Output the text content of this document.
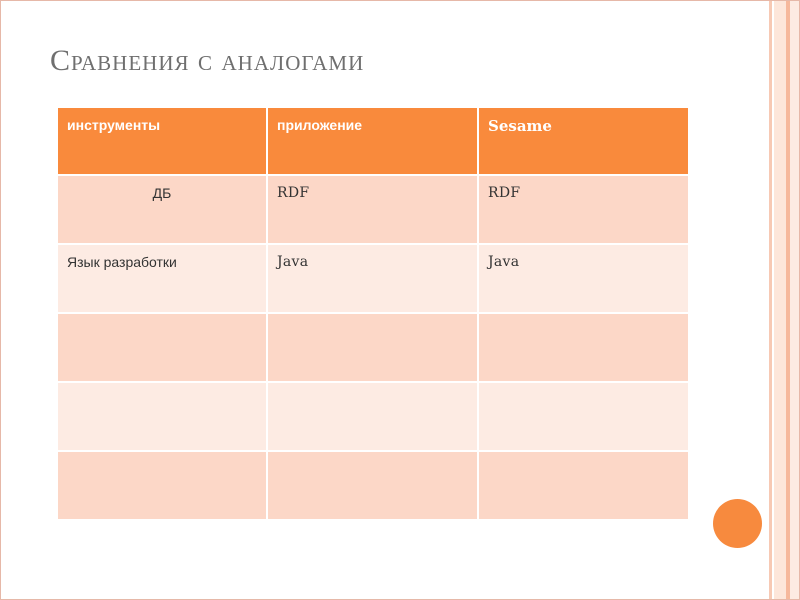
Сравнения с аналогами
инструменты	приложение	Sesame
ДБ	RDF	RDF
Язык разработки	Java	Java
